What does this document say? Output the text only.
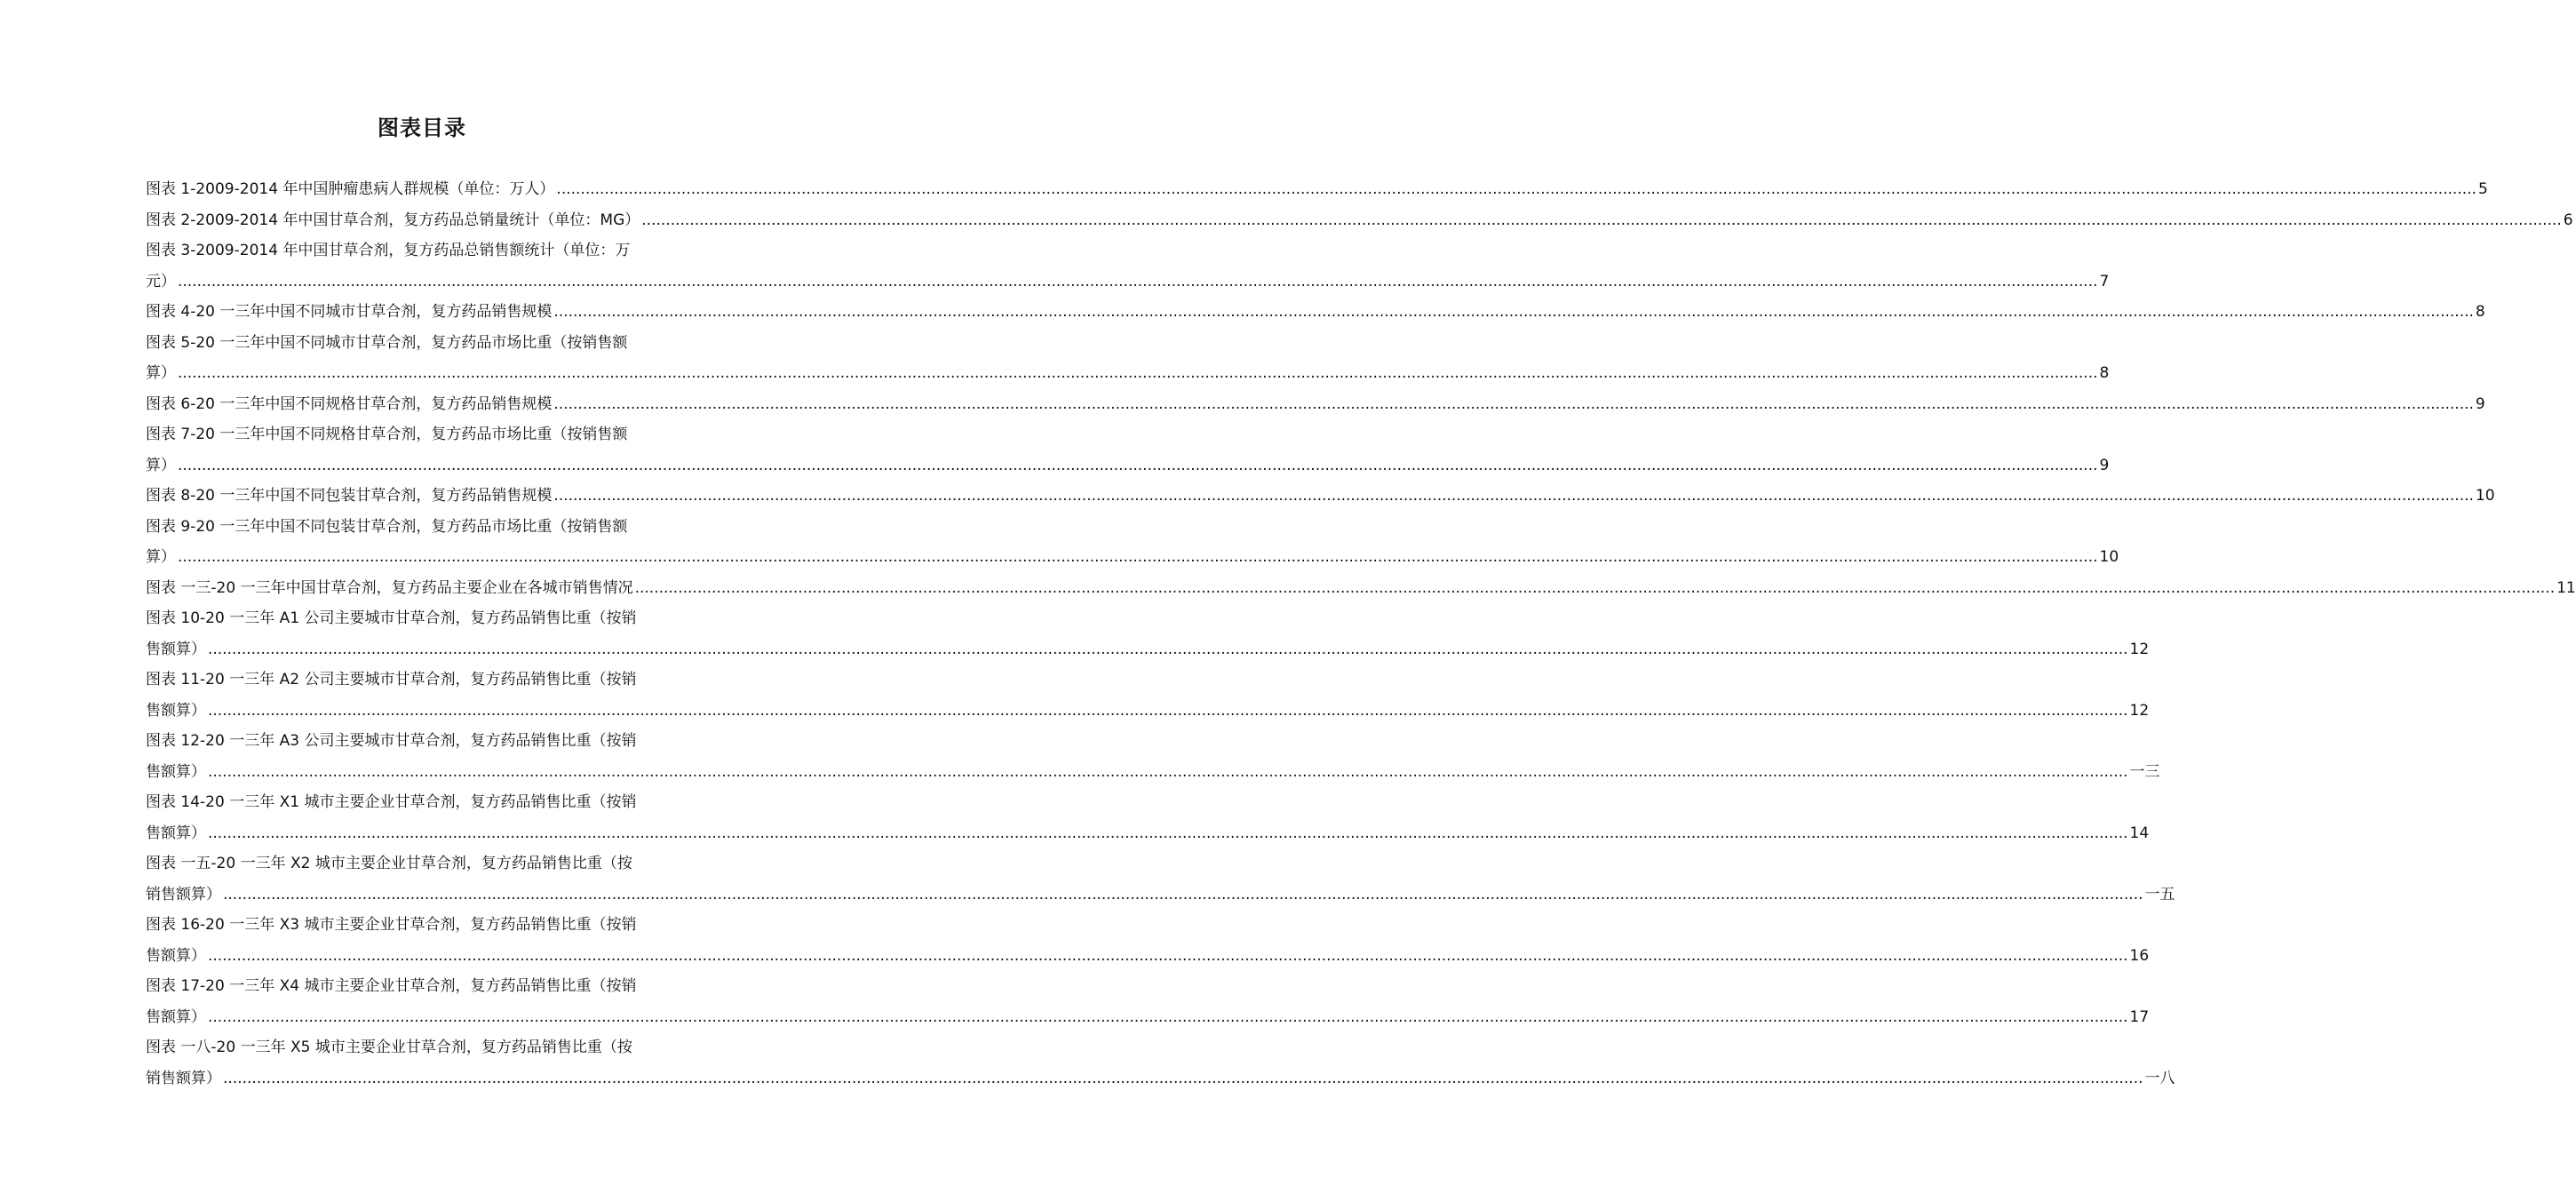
图表目录
图表 1-2009-2014 年中国肿瘤患病人群规模（单位：万人） ................................................................................................................................................................................................................................................................................................................................................................................................................ 5
图表 2-2009-2014 年中国甘草合剂，复方药品总销量统计（单位：MG） ................................................................................................................................................................................................................................................................................................................................................................................................................ 6
图表 3-2009-2014 年中国甘草合剂，复方药品总销售额统计（单位：万
元） ................................................................................................................................................................................................................................................................................................................................................................................................................ 7
图表 4-20 一三年中国不同城市甘草合剂，复方药品销售规模 ................................................................................................................................................................................................................................................................................................................................................................................................................ 8
图表 5-20 一三年中国不同城市甘草合剂，复方药品市场比重（按销售额
算） ................................................................................................................................................................................................................................................................................................................................................................................................................ 8
图表 6-20 一三年中国不同规格甘草合剂，复方药品销售规模 ................................................................................................................................................................................................................................................................................................................................................................................................................ 9
图表 7-20 一三年中国不同规格甘草合剂，复方药品市场比重（按销售额
算） ................................................................................................................................................................................................................................................................................................................................................................................................................ 9
图表 8-20 一三年中国不同包装甘草合剂，复方药品销售规模 ................................................................................................................................................................................................................................................................................................................................................................................................................ 10
图表 9-20 一三年中国不同包装甘草合剂，复方药品市场比重（按销售额
算） ................................................................................................................................................................................................................................................................................................................................................................................................................ 10
图表 一三-20 一三年中国甘草合剂，复方药品主要企业在各城市销售情况 ................................................................................................................................................................................................................................................................................................................................................................................................................ 11
图表 10-20 一三年 A1 公司主要城市甘草合剂，复方药品销售比重（按销
售额算） ................................................................................................................................................................................................................................................................................................................................................................................................................ 12
图表 11-20 一三年 A2 公司主要城市甘草合剂，复方药品销售比重（按销
售额算） ................................................................................................................................................................................................................................................................................................................................................................................................................ 12
图表 12-20 一三年 A3 公司主要城市甘草合剂，复方药品销售比重（按销
售额算） ................................................................................................................................................................................................................................................................................................................................................................................................................ 一三
图表 14-20 一三年 X1 城市主要企业甘草合剂，复方药品销售比重（按销
售额算） ................................................................................................................................................................................................................................................................................................................................................................................................................ 14
图表 一五-20 一三年 X2 城市主要企业甘草合剂，复方药品销售比重（按
销售额算） ................................................................................................................................................................................................................................................................................................................................................................................................................ 一五
图表 16-20 一三年 X3 城市主要企业甘草合剂，复方药品销售比重（按销
售额算） ................................................................................................................................................................................................................................................................................................................................................................................................................ 16
图表 17-20 一三年 X4 城市主要企业甘草合剂，复方药品销售比重（按销
售额算） ................................................................................................................................................................................................................................................................................................................................................................................................................ 17
图表 一八-20 一三年 X5 城市主要企业甘草合剂，复方药品销售比重（按
销售额算） ................................................................................................................................................................................................................................................................................................................................................................................................................ 一八
